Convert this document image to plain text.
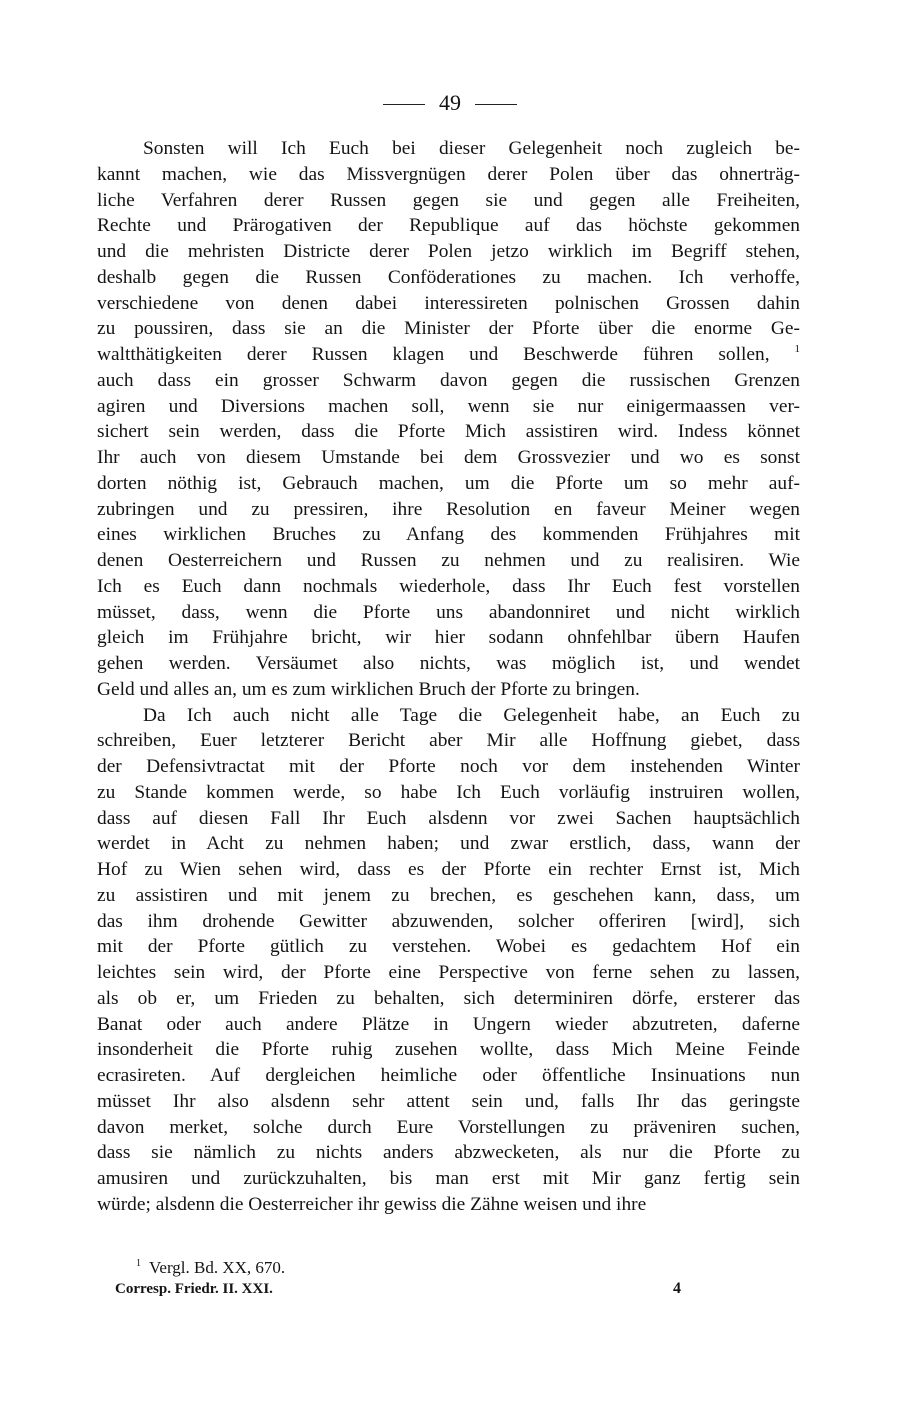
49

Sonsten will Ich Euch bei dieser Gelegenheit noch zugleich be-
kannt machen, wie das Missvergnügen derer Polen über das ohnerträg-
liche Verfahren derer Russen gegen sie und gegen alle Freiheiten,
Rechte und Prärogativen der Republique auf das höchste gekommen
und die mehristen Districte derer Polen jetzo wirklich im Begriff stehen,
deshalb gegen die Russen Conföderationes zu machen. Ich verhoffe,
verschiedene von denen dabei interessireten polnischen Grossen dahin
zu poussiren, dass sie an die Minister der Pforte über die enorme Ge-
waltthätigkeiten derer Russen klagen und Beschwerde führen sollen, $^1$
auch dass ein grosser Schwarm davon gegen die russischen Grenzen
agiren und Diversions machen soll, wenn sie nur einigermaassen ver-
sichert sein werden, dass die Pforte Mich assistiren wird. Indess könnet
Ihr auch von diesem Umstande bei dem Grossvezier und wo es sonst
dorten nöthig ist, Gebrauch machen, um die Pforte um so mehr auf-
zubringen und zu pressiren, ihre Resolution en faveur Meiner wegen
eines wirklichen Bruches zu Anfang des kommenden Frühjahres mit
denen Oesterreichern und Russen zu nehmen und zu realisiren. Wie
Ich es Euch dann nochmals wiederhole, dass Ihr Euch fest vorstellen
müsset, dass, wenn die Pforte uns abandonniret und nicht wirklich
gleich im Frühjahre bricht, wir hier sodann ohnfehlbar übern Haufen
gehen werden. Versäumet also nichts, was möglich ist, und wendet
Geld und alles an, um es zum wirklichen Bruch der Pforte zu bringen.

Da Ich auch nicht alle Tage die Gelegenheit habe, an Euch zu
schreiben, Euer letzterer Bericht aber Mir alle Hoffnung giebet, dass
der Defensivtractat mit der Pforte noch vor dem instehenden Winter
zu Stande kommen werde, so habe Ich Euch vorläufig instruiren wollen,
dass auf diesen Fall Ihr Euch alsdenn vor zwei Sachen hauptsächlich
werdet in Acht zu nehmen haben; und zwar erstlich, dass, wann der
Hof zu Wien sehen wird, dass es der Pforte ein rechter Ernst ist, Mich
zu assistiren und mit jenem zu brechen, es geschehen kann, dass, um
das ihm drohende Gewitter abzuwenden, solcher offeriren [wird], sich
mit der Pforte gütlich zu verstehen. Wobei es gedachtem Hof ein
leichtes sein wird, der Pforte eine Perspective von ferne sehen zu lassen,
als ob er, um Frieden zu behalten, sich determiniren dörfe, ersterer das
Banat oder auch andere Plätze in Ungern wieder abzutreten, daferne
insonderheit die Pforte ruhig zusehen wollte, dass Mich Meine Feinde
ecrasireten. Auf dergleichen heimliche oder öffentliche Insinuations nun
müsset Ihr also alsdenn sehr attent sein und, falls Ihr das geringste
davon merket, solche durch Eure Vorstellungen zu präveniren suchen,
dass sie nämlich zu nichts anders abzwecketen, als nur die Pforte zu
amusiren und zurückzuhalten, bis man erst mit Mir ganz fertig sein
würde; alsdenn die Oesterreicher ihr gewiss die Zähne weisen und ihre

$^1$ Vergl. Bd. XX, 670.
Corresp. Friedr. II. XXI.	4
